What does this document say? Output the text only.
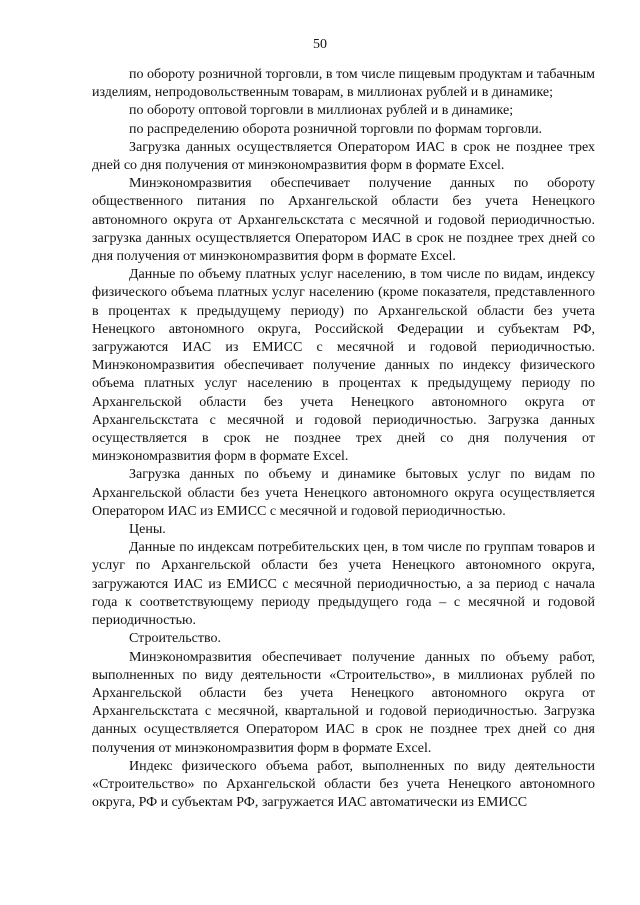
50

по обороту розничной торговли, в том числе пищевым продуктам и табачным изделиям, непродовольственным товарам, в миллионах рублей и в динамике;

по обороту оптовой торговли в миллионах рублей и в динамике;

по распределению оборота розничной торговли по формам торговли.

Загрузка данных осуществляется Оператором ИАС в срок не позднее трех дней со дня получения от минэкономразвития форм в формате Excel.

Минэкономразвития обеспечивает получение данных по обороту общественного питания по Архангельской области без учета Ненецкого автономного округа от Архангельскстата с месячной и годовой периодичностью. загрузка данных осуществляется Оператором ИАС в срок не позднее трех дней со дня получения от минэкономразвития форм в формате Excel.

Данные по объему платных услуг населению, в том числе по видам, индексу физического объема платных услуг населению (кроме показателя, представленного в процентах к предыдущему периоду) по Архангельской области без учета Ненецкого автономного округа, Российской Федерации и субъектам РФ, загружаются ИАС из ЕМИСС с месячной и годовой периодичностью. Минэкономразвития обеспечивает получение данных по индексу физического объема платных услуг населению в процентах к предыдущему периоду по Архангельской области без учета Ненецкого автономного округа от Архангельскстата с месячной и годовой периодичностью. Загрузка данных осуществляется в срок не позднее трех дней со дня получения от минэкономразвития форм в формате Excel.

Загрузка данных по объему и динамике бытовых услуг по видам по Архангельской области без учета Ненецкого автономного округа осуществляется Оператором ИАС из ЕМИСС с месячной и годовой периодичностью.

Цены.

Данные по индексам потребительских цен, в том числе по группам товаров и услуг по Архангельской области без учета Ненецкого автономного округа, загружаются ИАС из ЕМИСС с месячной периодичностью, а за период с начала года к соответствующему периоду предыдущего года – с месячной и годовой периодичностью.

Строительство.

Минэкономразвития обеспечивает получение данных по объему работ, выполненных по виду деятельности «Строительство», в миллионах рублей по Архангельской области без учета Ненецкого автономного округа от Архангельскстата с месячной, квартальной и годовой периодичностью. Загрузка данных осуществляется Оператором ИАС в срок не позднее трех дней со дня получения от минэкономразвития форм в формате Excel.

Индекс физического объема работ, выполненных по виду деятельности «Строительство» по Архангельской области без учета Ненецкого автономного округа, РФ и субъектам РФ, загружается ИАС автоматически из ЕМИСС
